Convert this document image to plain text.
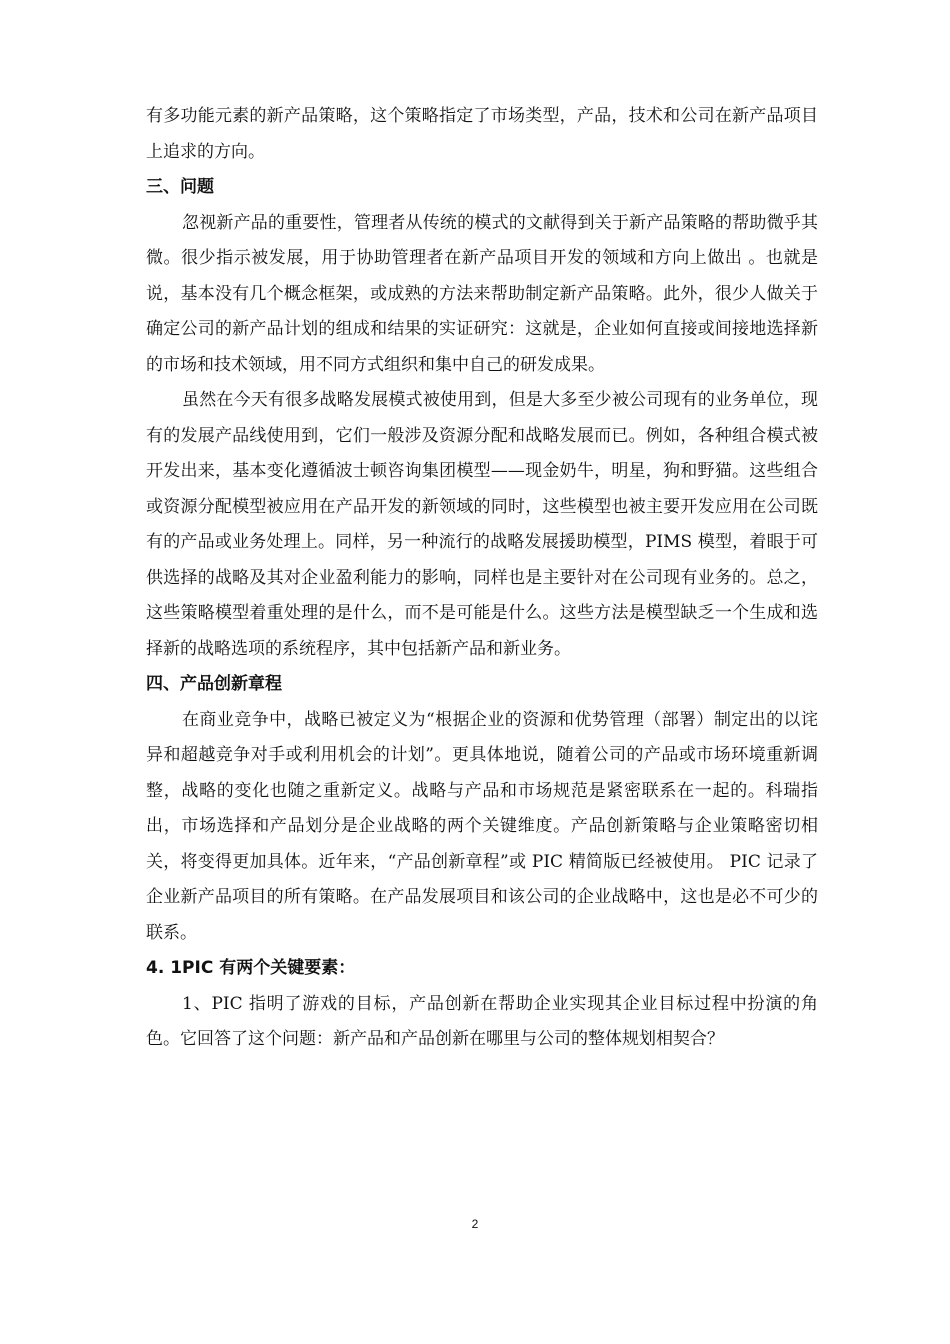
有多功能元素的新产品策略，这个策略指定了市场类型，产品，技术和公司在新产品项目上追求的方向。

三、问题

忽视新产品的重要性，管理者从传统的模式的文献得到关于新产品策略的帮助微乎其微。很少指示被发展，用于协助管理者在新产品项目开发的领域和方向上做出 。也就是说，基本没有几个概念框架，或成熟的方法来帮助制定新产品策略。此外，很少人做关于确定公司的新产品计划的组成和结果的实证研究：这就是，企业如何直接或间接地选择新的市场和技术领域，用不同方式组织和集中自己的研发成果。

虽然在今天有很多战略发展模式被使用到，但是大多至少被公司现有的业务单位，现有的发展产品线使用到，它们一般涉及资源分配和战略发展而已。例如，各种组合模式被开发出来，基本变化遵循波士顿咨询集团模型——现金奶牛，明星，狗和野猫。这些组合或资源分配模型被应用在产品开发的新领域的同时，这些模型也被主要开发应用在公司既有的产品或业务处理上。同样，另一种流行的战略发展援助模型，PIMS 模型，着眼于可供选择的战略及其对企业盈利能力的影响，同样也是主要针对在公司现有业务的。总之，这些策略模型着重处理的是什么，而不是可能是什么。这些方法是模型缺乏一个生成和选择新的战略选项的系统程序，其中包括新产品和新业务。

四、产品创新章程

在商业竞争中，战略已被定义为“根据企业的资源和优势管理（部署）制定出的以诧异和超越竞争对手或利用机会的计划”。更具体地说，随着公司的产品或市场环境重新调整，战略的变化也随之重新定义。战略与产品和市场规范是紧密联系在一起的。科瑞指出，市场选择和产品划分是企业战略的两个关键维度。产品创新策略与企业策略密切相关，将变得更加具体。近年来，“产品创新章程”或 PIC 精简版已经被使用。 PIC 记录了企业新产品项目的所有策略。在产品发展项目和该公司的企业战略中，这也是必不可少的联系。

4. 1PIC 有两个关键要素：

1、PIC 指明了游戏的目标，产品创新在帮助企业实现其企业目标过程中扮演的角色。它回答了这个问题：新产品和产品创新在哪里与公司的整体规划相契合？

2
